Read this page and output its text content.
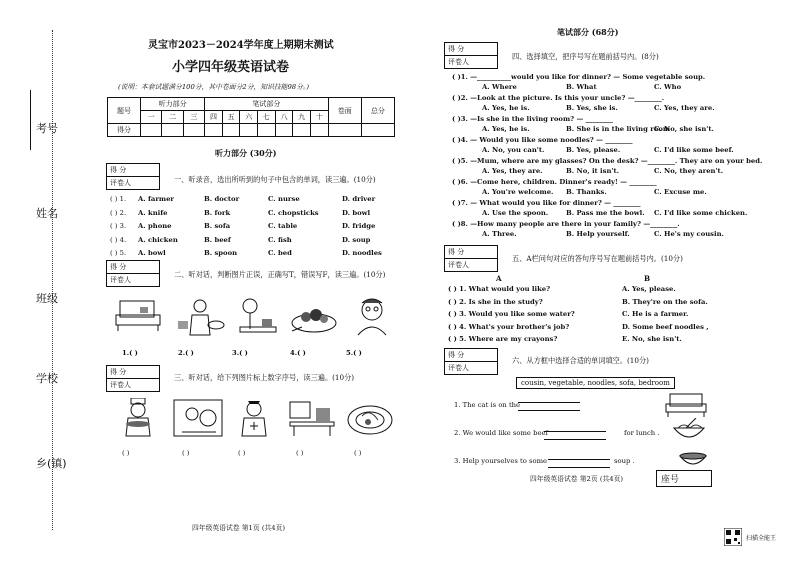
考号
姓名
班级
学校
乡(镇)
灵宝市2023－2024学年度上期期末测试
小学四年级英语试卷
(说明：本套试题满分100分，其中卷面分2分，知识技能98分。)
题号	听力部分			笔试部分							卷面	总分
	一	二	三	四	五	六	七	八	九	十		
得分												
听力部分 (30分)
得 分
评卷人	一、听录音，选出所听到的句子中包含的单词，读三遍。(10分)
( ) 1. A. farmer	B. doctor	C. nurse	D. driver
( ) 2. A. knife	B. fork	C. chopsticks	D. bowl
( ) 3. A. phone	B. sofa	C. table	D. fridge
( ) 4. A. chicken	B. beef	C. fish	D. soup
( ) 5. A. bowl	B. spoon	C. bed	D. noodles
得 分
评卷人
二、听对话，判断图片正误，正确写T，错误写F，读三遍。(10分)
1.( )	2.( )	3.( )	4.( )	5.( )
得 分
评卷人
三、听对话，给下列图片标上数字序号，读三遍。(10分)
( )	( )	( )	( )	( )
四年级英语试卷 第1页 (共4页)
笔试部分 (68分)
得 分
评卷人
四、选择填空，把序号写在题前括号内。(8分)
( )1. —__________would you like for dinner? — Some vegetable soup.
A. Where	B. What	C. Who
( )2. —Look at the picture. Is this your uncle? —________.
A. Yes, he is.	B. Yes, she is.	C. Yes, they are.
( )3. —Is she in the living room? — ________
A. Yes, he is.	B. She is in the living room
C. No, she isn't.
( )4. — Would you like some noodles? — ________
A. No, you can't.	B. Yes, please.	C. I'd like some beef.
( )5. —Mum, where are my glasses? On the desk? —________. They are on your bed.
A. Yes, they are.	B. No, it isn't.	C. No, they aren't.
( )6. —Come here, children. Dinner's ready! — ________
A. You're welcome. B. Thanks.	C. Excuse me.
( )7. — What would you like for dinner? — ________
A. Use the spoon.	B. Pass me the bowl. C. I'd like some chicken.
( )8. —How many people are there in your family? —________.
A. Three.	B. Help yourself.	C. He's my cousin.
得 分
评卷人
五、A栏问句对应的答句序号写在题前括号内。(10分)
A	B
( ) 1. What would you like?	A. Yes, please.
( ) 2. Is she in the study?	B. They're on the sofa.
( ) 3. Would you like some water?	C. He is a farmer.
( ) 4. What's your brother's job?	D. Some beef noodles ,
( ) 5. Where are my crayons?	E. No, she isn't.
得 分
评卷人
六、从方框中选择合适的单词填空。(10分)
cousin, vegetable, noodles, sofa, bedroom
1. The cat is on the
2. We would like some beef	for lunch .
3. Help yourselves to some	soup .
四年级英语试卷 第2页 (共4页)	座号
扫描全能王
